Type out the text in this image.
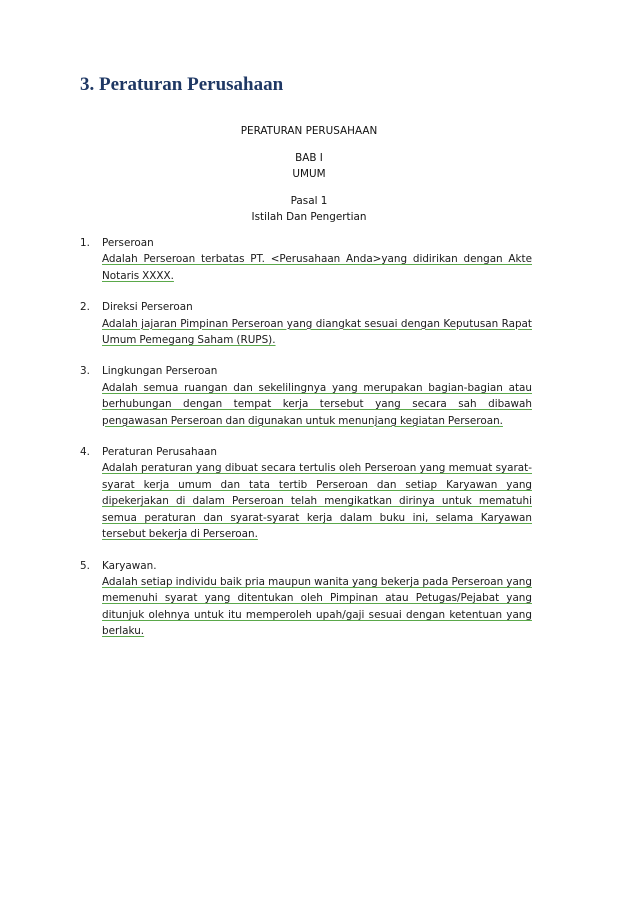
3. Peraturan Perusahaan
PERATURAN PERUSAHAAN
BAB I
UMUM
Pasal 1
Istilah Dan Pengertian
1. Perseroan
Adalah Perseroan terbatas PT. <Perusahaan Anda>yang didirikan dengan Akte Notaris XXXX.
2. Direksi Perseroan
Adalah jajaran Pimpinan Perseroan yang diangkat sesuai dengan Keputusan Rapat Umum Pemegang Saham (RUPS).
3. Lingkungan Perseroan
Adalah semua ruangan dan sekelilingnya yang merupakan bagian-bagian atau berhubungan dengan tempat kerja tersebut yang secara sah dibawah pengawasan Perseroan dan digunakan untuk menunjang kegiatan Perseroan.
4. Peraturan Perusahaan
Adalah peraturan yang dibuat secara tertulis oleh Perseroan yang memuat syarat-syarat kerja umum dan tata tertib Perseroan dan setiap Karyawan yang dipekerjakan di dalam Perseroan telah mengikatkan dirinya untuk mematuhi semua peraturan dan syarat-syarat kerja dalam buku ini, selama Karyawan tersebut bekerja di Perseroan.
5. Karyawan.
Adalah setiap individu baik pria maupun wanita yang bekerja pada Perseroan yang memenuhi syarat yang ditentukan oleh Pimpinan atau Petugas/Pejabat yang ditunjuk olehnya untuk itu memperoleh upah/gaji sesuai dengan ketentuan yang berlaku.
